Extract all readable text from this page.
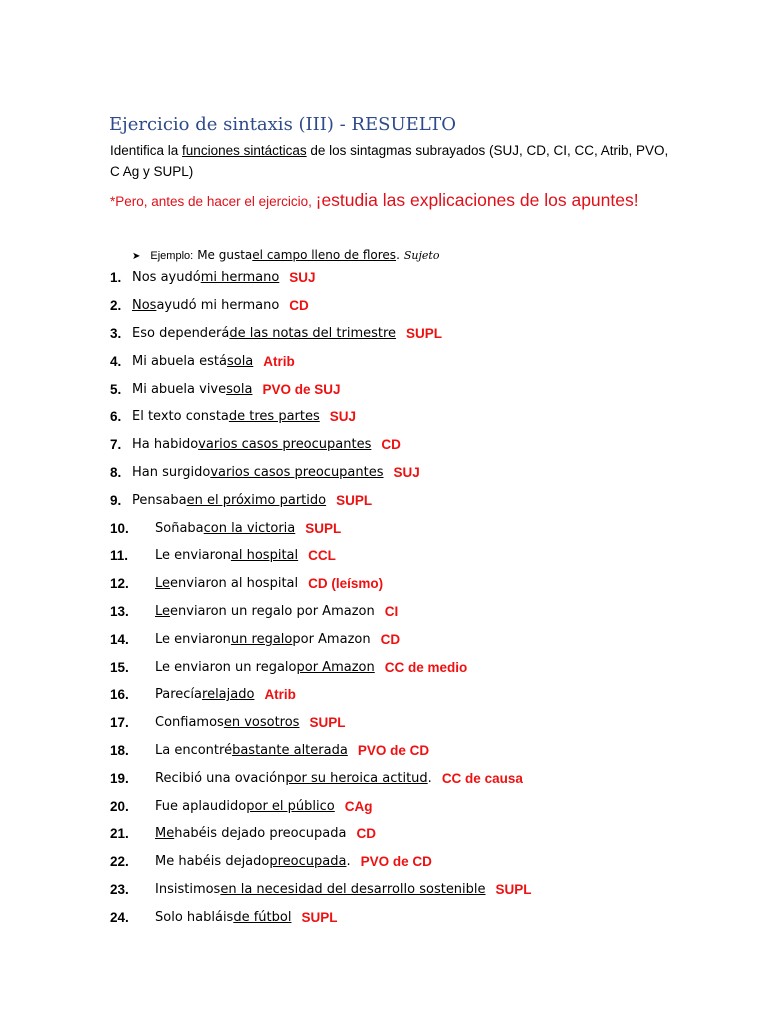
Ejercicio de sintaxis (III) - RESUELTO
Identifica la funciones sintácticas de los sintagmas subrayados (SUJ, CD, CI, CC, Atrib, PVO, C Ag y SUPL)
*Pero, antes de hacer el ejercicio, ¡estudia las explicaciones de los apuntes!
➤ Ejemplo: Me gusta el campo lleno de flores . Sujeto
1. Nos ayudó mi hermano SUJ
2. Nos ayudó mi hermano CD
3. Eso dependerá de las notas del trimestre SUPL
4. Mi abuela está sola Atrib
5. Mi abuela vive sola PVO de SUJ
6. El texto consta de tres partes SUJ
7. Ha habido varios casos preocupantes CD
8. Han surgido varios casos preocupantes SUJ
9. Pensaba en el próximo partido SUPL
10.	Soñaba con la victoria SUPL
11.	Le enviaron al hospital CCL
12.	Le enviaron al hospital CD (leísmo)
13.	Le enviaron un regalo por Amazon CI
14.	Le enviaron un regalo por Amazon CD
15.	Le enviaron un regalo por Amazon CC de medio
16.	Parecía relajado Atrib
17.	Confiamos en vosotros SUPL
18.	La encontré bastante alterada PVO de CD
19.	Recibió una ovación por su heroica actitud . CC de causa
20.	Fue aplaudido por el público CAg
21.	Me habéis dejado preocupada CD
22.	Me habéis dejado preocupada . PVO de CD
23.	Insistimos en la necesidad del desarrollo sostenible SUPL
24.	Solo habláis de fútbol SUPL
